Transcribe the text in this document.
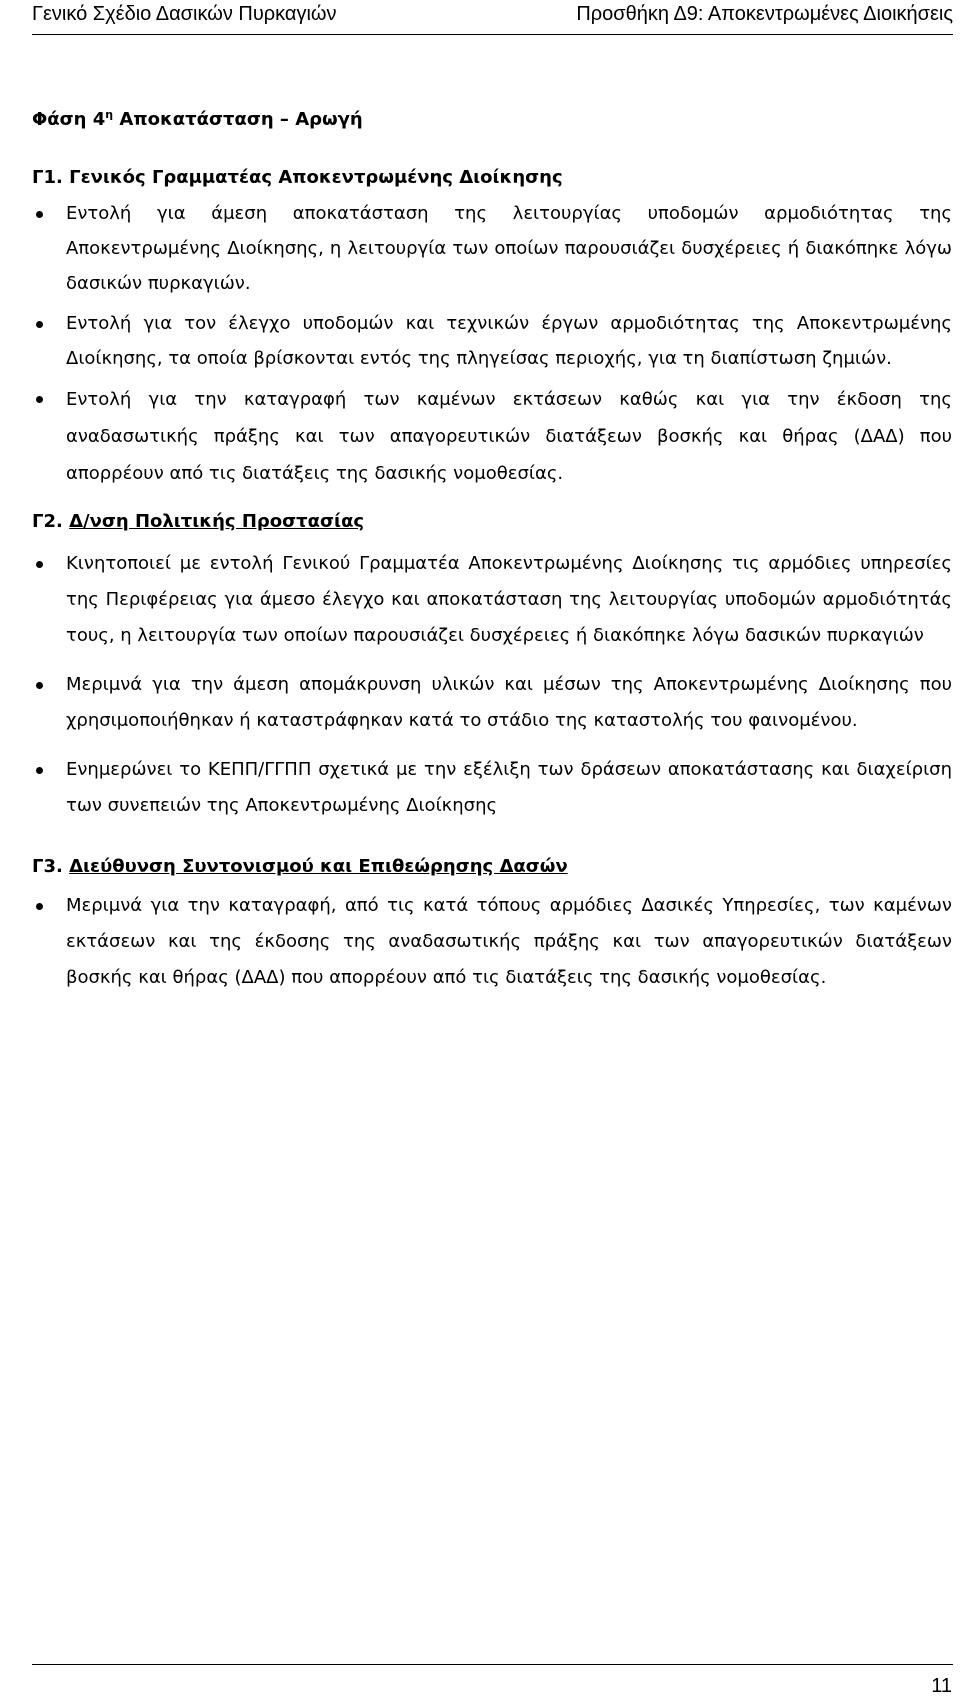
Γενικό Σχέδιο Δασικών Πυρκαγιών	Προσθήκη Δ9: Αποκεντρωμένες Διοικήσεις
Φάση $4^\eta$ Αποκατάσταση – Αρωγή
Γ1. Γενικός Γραμματέας Αποκεντρωμένης Διοίκησης
Εντολή για άμεση αποκατάσταση της λειτουργίας υποδομών αρμοδιότητας της Αποκεντρωμένης Διοίκησης, η λειτουργία των οποίων παρουσιάζει δυσχέρειες ή διακόπηκε λόγω δασικών πυρκαγιών.
Εντολή για τον έλεγχο υποδομών και τεχνικών έργων αρμοδιότητας της Αποκεντρωμένης Διοίκησης, τα οποία βρίσκονται εντός της πληγείσας περιοχής, για τη διαπίστωση ζημιών.
Εντολή για την καταγραφή των καμένων εκτάσεων καθώς και για την έκδοση της αναδασωτικής πράξης και των απαγορευτικών διατάξεων βοσκής και θήρας (ΔΑΔ) που απορρέουν από τις διατάξεις της δασικής νομοθεσίας.
Γ2. Δ/νση Πολιτικής Προστασίας
Κινητοποιεί με εντολή Γενικού Γραμματέα Αποκεντρωμένης Διοίκησης τις αρμόδιες υπηρεσίες της Περιφέρειας για άμεσο έλεγχο και αποκατάσταση της λειτουργίας υποδομών αρμοδιότητάς τους, η λειτουργία των οποίων παρουσιάζει δυσχέρειες ή διακόπηκε λόγω δασικών πυρκαγιών
Μεριμνά για την άμεση απομάκρυνση υλικών και μέσων της Αποκεντρωμένης Διοίκησης που χρησιμοποιήθηκαν ή καταστράφηκαν κατά το στάδιο της καταστολής του φαινομένου.
Ενημερώνει το ΚΕΠΠ/ΓΓΠΠ σχετικά με την εξέλιξη των δράσεων αποκατάστασης και διαχείριση των συνεπειών της Αποκεντρωμένης Διοίκησης
Γ3. Διεύθυνση Συντονισμού και Επιθεώρησης Δασών
Μεριμνά για την καταγραφή, από τις κατά τόπους αρμόδιες Δασικές Υπηρεσίες, των καμένων εκτάσεων και της έκδοσης της αναδασωτικής πράξης και των απαγορευτικών διατάξεων βοσκής και θήρας (ΔΑΔ) που απορρέουν από τις διατάξεις της δασικής νομοθεσίας.
11
